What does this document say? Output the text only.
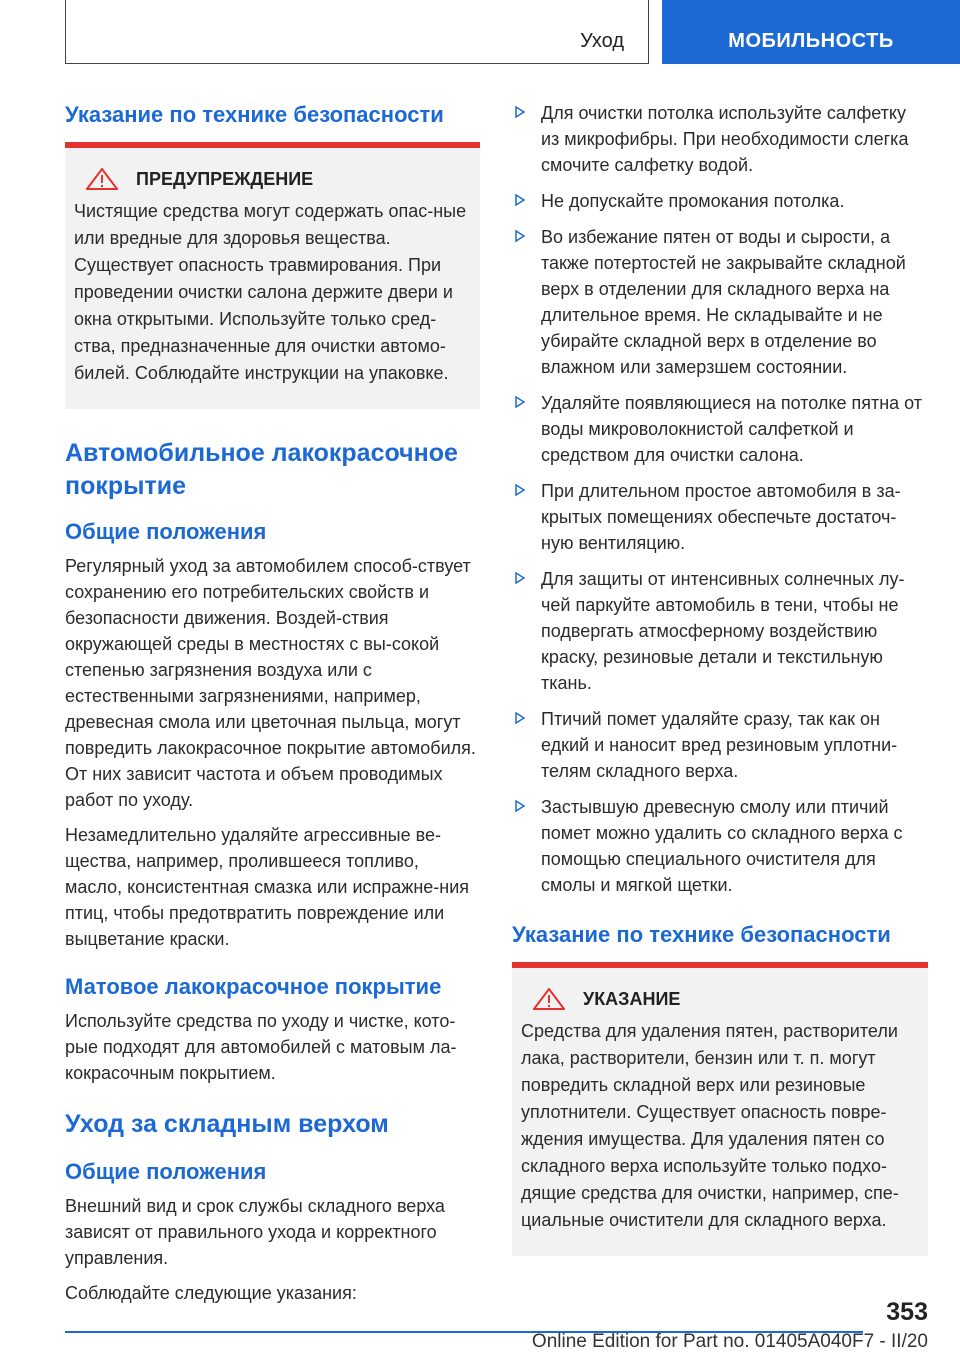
Уход	МОБИЛЬНОСТЬ
Указание по технике безопасности
ПРЕДУПРЕЖДЕНИЕ

Чистящие средства могут содержать опас-ные или вредные для здоровья вещества. Существует опасность травмирования. При проведении очистки салона держите двери и окна открытыми. Используйте только сред-ства, предназначенные для очистки автомо-билей. Соблюдайте инструкции на упаковке.

Автомобильное лакокрасочное покрытие
Общие положения

Регулярный уход за автомобилем способ-ствует сохранению его потребительских свойств и безопасности движения. Воздей-ствия окружающей среды в местностях с вы-сокой степенью загрязнения воздуха или с естественными загрязнениями, например, древесная смола или цветочная пыльца, могут повредить лакокрасочное покрытие автомобиля. От них зависит частота и объем проводимых работ по уходу.

Незамедлительно удаляйте агрессивные ве-щества, например, пролившееся топливо, масло, консистентная смазка или испражне-ния птиц, чтобы предотвратить повреждение или выцветание краски.

Матовое лакокрасочное покрытие

Используйте средства по уходу и чистке, кото-рые подходят для автомобилей с матовым ла-кокрасочным покрытием.

Уход за складным верхом
Общие положения

Внешний вид и срок службы складного верха зависят от правильного ухода и корректного управления.

Соблюдайте следующие указания:

Для очистки потолка используйте салфетку из микрофибры. При необходимости слегка смочите салфетку водой.
Не допускайте промокания потолка.
Во избежание пятен от воды и сырости, а также потертостей не закрывайте складной верх в отделении для складного верха на длительное время. Не складывайте и не убирайте складной верх в отделение во влажном или замерзшем состоянии.
Удаляйте появляющиеся на потолке пятна от воды микроволокнистой салфеткой и средством для очистки салона.
При длительном простое автомобиля в за-крытых помещениях обеспечьте достаточ-ную вентиляцию.
Для защиты от интенсивных солнечных лу-чей паркуйте автомобиль в тени, чтобы не подвергать атмосферному воздействию краску, резиновые детали и текстильную ткань.
Птичий помет удаляйте сразу, так как он едкий и наносит вред резиновым уплотни-телям складного верха.
Застывшую древесную смолу или птичий помет можно удалить со складного верха с помощью специального очистителя для смолы и мягкой щетки.
Указание по технике безопасности
УКАЗАНИЕ

Средства для удаления пятен, растворители лака, растворители, бензин или т. п. могут повредить складной верх или резиновые уплотнители. Существует опасность повре-ждения имущества. Для удаления пятен со складного верха используйте только подхо-дящие средства для очистки, например, спе-циальные очистители для складного верха.

353
Online Edition for Part no. 01405A040F7 - II/20
